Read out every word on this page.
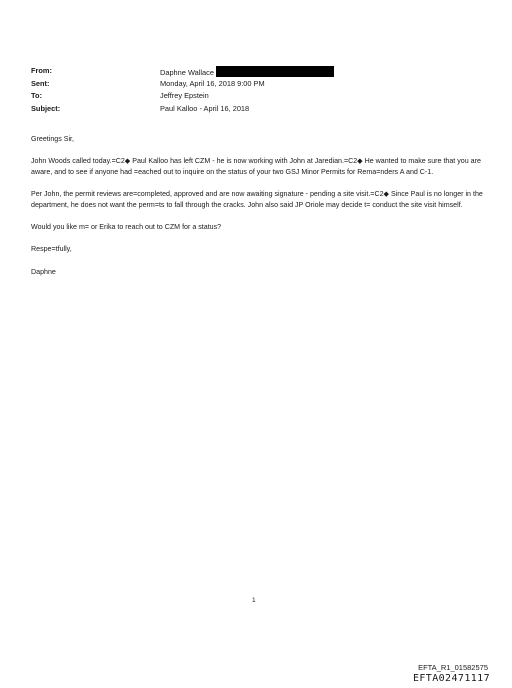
From:	Daphne Wallace
Sent:	Monday, April 16, 2018 9:00 PM
To:	Jeffrey Epstein
Subject:	Paul Kalloo - April 16, 2018

Greetings Sir,

John Woods called today.=C2◆ Paul Kalloo has left CZM - he is now working with John at Jaredian.=C2◆ He wanted to make sure that you are aware, and to see if anyone had =eached out to inquire on the status of your two GSJ Minor Permits for Rema=nders A and C-1.

Per John, the permit reviews are=completed, approved and are now awaiting signature - pending a site visit.=C2◆ Since Paul is no longer in the department, he does not want the perm=ts to fall through the cracks. John also said JP Oriole may decide t= conduct the site visit himself.

Would you like m= or Erika to reach out to CZM for a status?

Respe=tfully,

Daphne

1
EFTA_R1_01582575
EFTA02471117
